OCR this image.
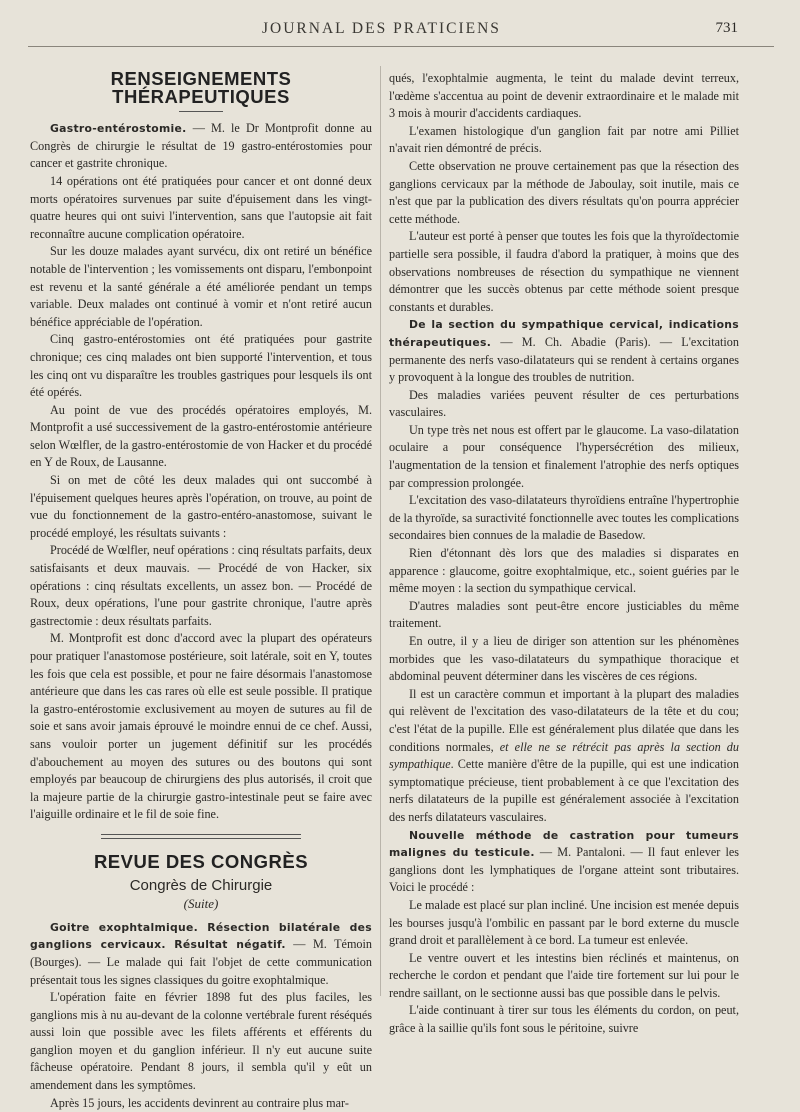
JOURNAL DES PRATICIENS	731
RENSEIGNEMENTS THÉRAPEUTIQUES

Gastro-entérostomie. — M. le Dr Montprofit donne au Congrès de chirurgie le résultat de 19 gastro-entérostomies pour cancer et gastrite chronique.

14 opérations ont été pratiquées pour cancer et ont donné deux morts opératoires survenues par suite d'épuisement dans les vingt-quatre heures qui ont suivi l'intervention, sans que l'autopsie ait fait reconnaître aucune complication opératoire.

Sur les douze malades ayant survécu, dix ont retiré un bénéfice notable de l'intervention ; les vomissements ont disparu, l'embonpoint est revenu et la santé générale a été améliorée pendant un temps variable. Deux malades ont continué à vomir et n'ont retiré aucun bénéfice appréciable de l'opération.

Cinq gastro-entérostomies ont été pratiquées pour gastrite chronique; ces cinq malades ont bien supporté l'intervention, et tous les cinq ont vu disparaître les troubles gastriques pour lesquels ils ont été opérés.

Au point de vue des procédés opératoires employés, M. Montprofit a usé successivement de la gastro-entérostomie antérieure selon Wœlfler, de la gastro-entérostomie de von Hacker et du procédé en Y de Roux, de Lausanne.

Si on met de côté les deux malades qui ont succombé à l'épuisement quelques heures après l'opération, on trouve, au point de vue du fonctionnement de la gastro-entéro-anastomose, suivant le procédé employé, les résultats suivants :

Procédé de Wœlfler, neuf opérations : cinq résultats parfaits, deux satisfaisants et deux mauvais. — Procédé de von Hacker, six opérations : cinq résultats excellents, un assez bon. — Procédé de Roux, deux opérations, l'une pour gastrite chronique, l'autre après gastrectomie : deux résultats parfaits.

M. Montprofit est donc d'accord avec la plupart des opérateurs pour pratiquer l'anastomose postérieure, soit latérale, soit en Y, toutes les fois que cela est possible, et pour ne faire désormais l'anastomose antérieure que dans les cas rares où elle est seule possible. Il pratique la gastro-entérostomie exclusivement au moyen de sutures au fil de soie et sans avoir jamais éprouvé le moindre ennui de ce chef. Aussi, sans vouloir porter un jugement définitif sur les procédés d'abouchement au moyen des sutures ou des boutons qui sont employés par beaucoup de chirurgiens des plus autorisés, il croit que la majeure partie de la chirurgie gastro-intestinale peut se faire avec l'aiguille ordinaire et le fil de soie fine.

REVUE DES CONGRÈS
Congrès de Chirurgie
(Suite)

Goitre exophtalmique. Résection bilatérale des ganglions cervicaux. Résultat négatif. — M. Témoin (Bourges). — Le malade qui fait l'objet de cette communication présentait tous les signes classiques du goitre exophtalmique.

L'opération faite en février 1898 fut des plus faciles, les ganglions mis à nu au-devant de la colonne vertébrale furent réséqués aussi loin que possible avec les filets afférents et efférents du ganglion moyen et du ganglion inférieur. Il n'y eut aucune suite fâcheuse opératoire. Pendant 8 jours, il sembla qu'il y eût un amendement dans les symptômes.

Après 15 jours, les accidents devinrent au contraire plus mar-

qués, l'exophtalmie augmenta, le teint du malade devint terreux, l'œdème s'accentua au point de devenir extraordinaire et le malade mit 3 mois à mourir d'accidents cardiaques.

L'examen histologique d'un ganglion fait par notre ami Pilliet n'avait rien démontré de précis.

Cette observation ne prouve certainement pas que la résection des ganglions cervicaux par la méthode de Jaboulay, soit inutile, mais ce n'est que par la publication des divers résultats qu'on pourra apprécier cette méthode.

L'auteur est porté à penser que toutes les fois que la thyroïdectomie partielle sera possible, il faudra d'abord la pratiquer, à moins que des observations nombreuses de résection du sympathique ne viennent démontrer que les succès obtenus par cette méthode soient presque constants et durables.

De la section du sympathique cervical, indications thérapeutiques. — M. Ch. Abadie (Paris). — L'excitation permanente des nerfs vaso-dilatateurs qui se rendent à certains organes y provoquent à la longue des troubles de nutrition.

Des maladies variées peuvent résulter de ces perturbations vasculaires.

Un type très net nous est offert par le glaucome. La vaso-dilatation oculaire a pour conséquence l'hypersécrétion des milieux, l'augmentation de la tension et finalement l'atrophie des nerfs optiques par compression prolongée.

L'excitation des vaso-dilatateurs thyroïdiens entraîne l'hypertrophie de la thyroïde, sa suractivité fonctionnelle avec toutes les complications secondaires bien connues de la maladie de Basedow.

Rien d'étonnant dès lors que des maladies si disparates en apparence : glaucome, goitre exophtalmique, etc., soient guéries par le même moyen : la section du sympathique cervical.

D'autres maladies sont peut-être encore justiciables du même traitement.

En outre, il y a lieu de diriger son attention sur les phénomènes morbides que les vaso-dilatateurs du sympathique thoracique et abdominal peuvent déterminer dans les viscères de ces régions.

Il est un caractère commun et important à la plupart des maladies qui relèvent de l'excitation des vaso-dilatateurs de la tête et du cou; c'est l'état de la pupille. Elle est généralement plus dilatée que dans les conditions normales, et elle ne se rétrécit pas après la section du sympathique. Cette manière d'être de la pupille, qui est une indication symptomatique précieuse, tient probablement à ce que l'excitation des nerfs dilatateurs de la pupille est généralement associée à l'excitation des nerfs dilatateurs vasculaires.

Nouvelle méthode de castration pour tumeurs malignes du testicule. — M. Pantaloni. — Il faut enlever les ganglions dont les lymphatiques de l'organe atteint sont tributaires. Voici le procédé :

Le malade est placé sur plan incliné. Une incision est menée depuis les bourses jusqu'à l'ombilic en passant par le bord externe du muscle grand droit et parallèlement à ce bord. La tumeur est enlevée.

Le ventre ouvert et les intestins bien réclinés et maintenus, on recherche le cordon et pendant que l'aide tire fortement sur lui pour le rendre saillant, on le sectionne aussi bas que possible dans le pelvis.

L'aide continuant à tirer sur tous les éléments du cordon, on peut, grâce à la saillie qu'ils font sous le péritoine, suivre
